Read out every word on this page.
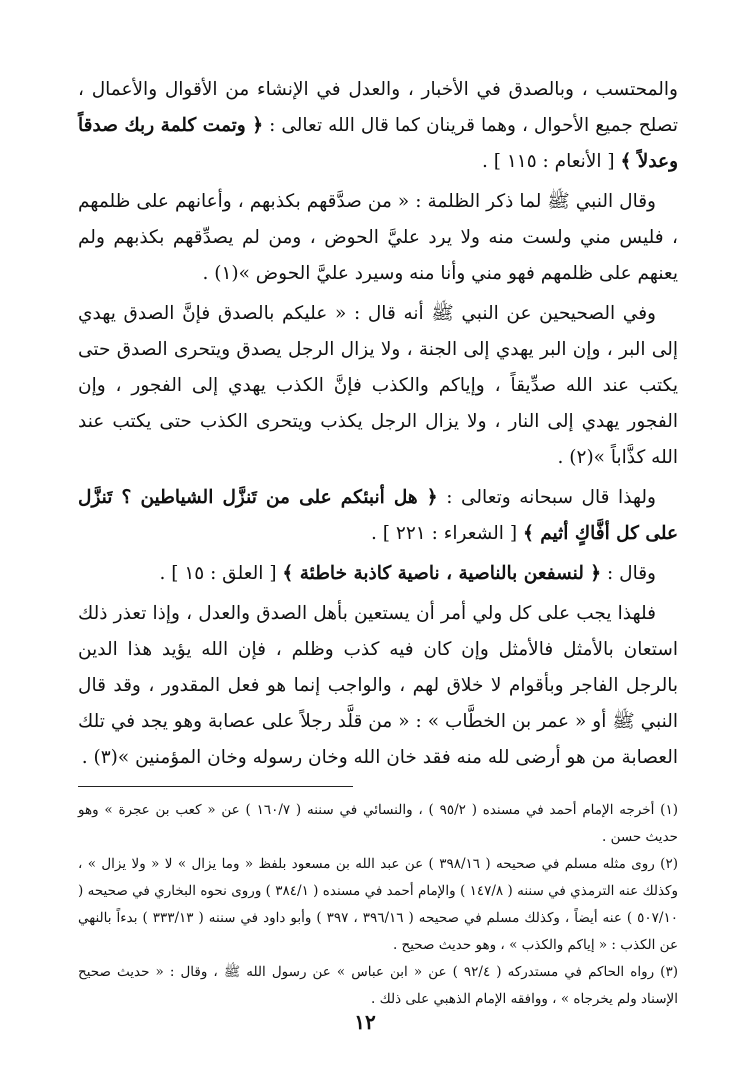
والمحتسب ، وبالصدق في الأخبار ، والعدل في الإنشاء من الأقوال والأعمال ، تصلح جميع الأحوال ، وهما قرينان كما قال الله تعالى : ﴿ وتمت كلمة ربك صدقاً وعدلاً ﴾ [ الأنعام : ١١٥ ] .

وقال النبي ﷺ لما ذكر الظلمة : « من صدَّقهم بكذبهم ، وأعانهم على ظلمهم ، فليس مني ولست منه ولا يرد عليَّ الحوض ، ومن لم يصدِّقهم بكذبهم ولم يعنهم على ظلمهم فهو مني وأنا منه وسيرد عليَّ الحوض »(١) .

وفي الصحيحين عن النبي ﷺ أنه قال : « عليكم بالصدق فإنَّ الصدق يهدي إلى البر ، وإن البر يهدي إلى الجنة ، ولا يزال الرجل يصدق ويتحرى الصدق حتى يكتب عند الله صدِّيقاً ، وإياكم والكذب فإنَّ الكذب يهدي إلى الفجور ، وإن الفجور يهدي إلى النار ، ولا يزال الرجل يكذب ويتحرى الكذب حتى يكتب عند الله كذَّاباً »(٢) .

ولهذا قال سبحانه وتعالى : ﴿ هل أنبئكم على من تَنزَّل الشياطين ؟ تَنزَّل على كل أفَّاكٍ أثيم ﴾ [ الشعراء : ٢٢١ ] .

وقال : ﴿ لنسفعن بالناصية ، ناصية كاذبة خاطئة ﴾ [ العلق : ١٥ ] .

فلهذا يجب على كل ولي أمر أن يستعين بأهل الصدق والعدل ، وإذا تعذر ذلك استعان بالأمثل فالأمثل وإن كان فيه كذب وظلم ، فإن الله يؤيد هذا الدين بالرجل الفاجر وبأقوام لا خلاق لهم ، والواجب إنما هو فعل المقدور ، وقد قال النبي ﷺ أو « عمر بن الخطَّاب » : « من قلَّد رجلاً على عصابة وهو يجد في تلك العصابة من هو أرضى لله منه فقد خان الله وخان رسوله وخان المؤمنين »(٣) .

(١) أخرجه الإمام أحمد في مسنده ( ٩٥/٢ ) ، والنسائي في سننه ( ١٦٠/٧ ) عن « كعب بن عجرة » وهو حديث حسن .

(٢) روى مثله مسلم في صحيحه ( ٣٩٨/١٦ ) عن عبد الله بن مسعود بلفظ « وما يزال » لا « ولا يزال » ، وكذلك عنه الترمذي في سننه ( ١٤٧/٨ ) والإمام أحمد في مسنده ( ٣٨٤/١ ) وروى نحوه البخاري في صحيحه ( ٥٠٧/١٠ ) عنه أيضاً ، وكذلك مسلم في صحيحه ( ٣٩٦/١٦ ، ٣٩٧ ) وأبو داود في سننه ( ٣٣٣/١٣ ) بدءاً بالنهي عن الكذب : « إياكم والكذب » ، وهو حديث صحيح .

(٣) رواه الحاكم في مستدركه ( ٩٢/٤ ) عن « ابن عباس » عن رسول الله ﷺ ، وقال : « حديث صحيح الإسناد ولم يخرجاه » ، ووافقه الإمام الذهبي على ذلك .

١٢
